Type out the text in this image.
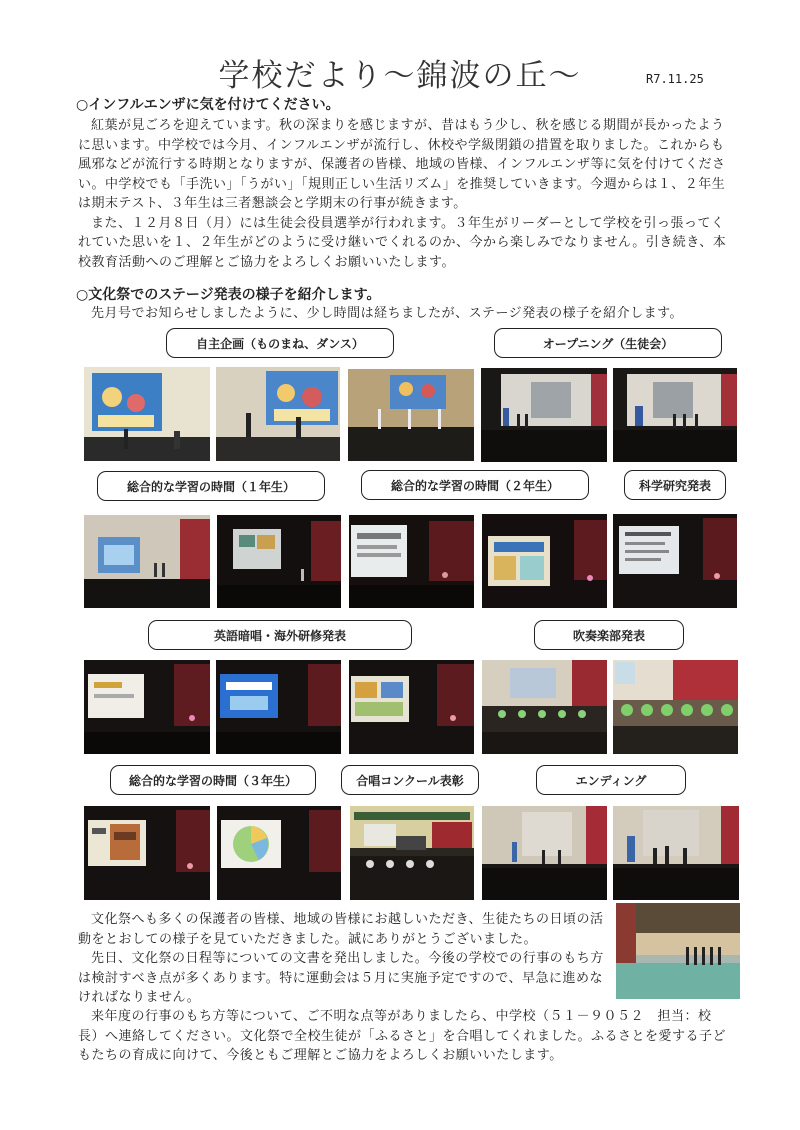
学校だより～錦波の丘～	R7.11.25
○インフルエンザに気を付けてください。

紅葉が見ごろを迎えています。秋の深まりを感じますが、昔はもう少し、秋を感じる期間が長かったように思います。中学校では今月、インフルエンザが流行し、休校や学級閉鎖の措置を取りました。これからも風邪などが流行する時期となりますが、保護者の皆様、地域の皆様、インフルエンザ等に気を付けてください。中学校でも「手洗い」「うがい」「規則正しい生活リズム」を推奨していきます。今週からは１、２年生は期末テスト、３年生は三者懇談会と学期末の行事が続きます。

また、１２月８日（月）には生徒会役員選挙が行われます。３年生がリーダーとして学校を引っ張ってくれていた思いを１、２年生がどのように受け継いでくれるのか、今から楽しみでなりません。引き続き、本校教育活動へのご理解とご協力をよろしくお願いいたします。

○文化祭でのステージ発表の様子を紹介します。

先月号でお知らせしましたように、少し時間は経ちましたが、ステージ発表の様子を紹介します。

自主企画（ものまね、ダンス）	オープニング（生徒会）
総合的な学習の時間（１年生）	総合的な学習の時間（２年生）	科学研究発表
英語暗唱・海外研修発表	吹奏楽部発表
総合的な学習の時間（３年生）	合唱コンクール表彰	エンディング

文化祭へも多くの保護者の皆様、地域の皆様にお越しいただき、生徒たちの日頃の活動をとおしての様子を見ていただきました。誠にありがとうございました。

先日、文化祭の日程等についての文書を発出しました。今後の学校での行事のもち方は検討すべき点が多くあります。特に運動会は５月に実施予定ですので、早急に進めなければなりません。

来年度の行事のもち方等について、ご不明な点等がありましたら、中学校（５１－９０５２　担当：校長）へ連絡してください。文化祭で全校生徒が「ふるさと」を合唱してくれました。ふるさとを愛する子どもたちの育成に向けて、今後ともご理解とご協力をよろしくお願いいたします。
